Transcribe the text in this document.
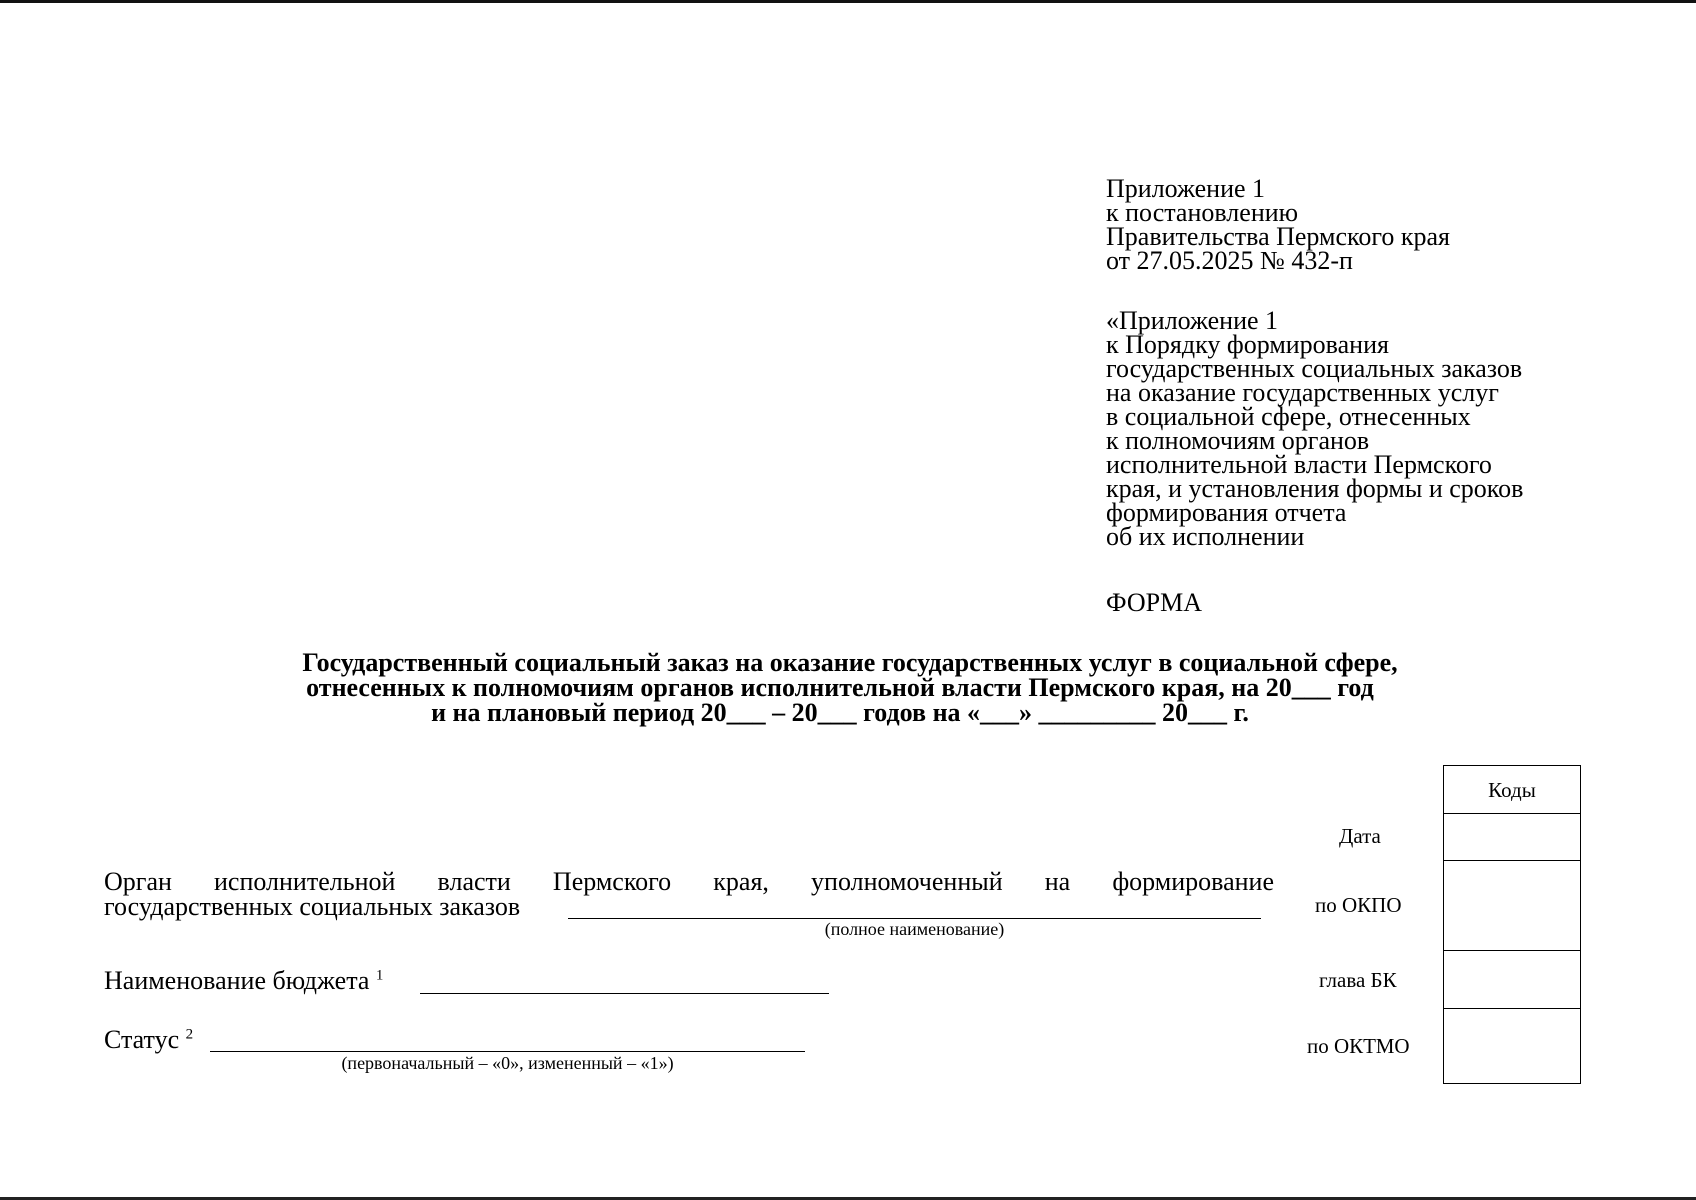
Приложение 1
к постановлению
Правительства Пермского края
от 27.05.2025 № 432-п
«Приложение 1
к Порядку формирования
государственных социальных заказов
на оказание государственных услуг
в социальной сфере, отнесенных
к полномочиям органов
исполнительной власти Пермского
края, и установления формы и сроков
формирования отчета
об их исполнении
ФОРМА
Государственный социальный заказ на оказание государственных услуг в социальной сфере,
отнесенных к полномочиям органов исполнительной власти Пермского края, на 20___ год
и на плановый период 20___ – 20___ годов на «___» _________ 20___ г.
Коды
Дата
по ОКПО
глава БК
по ОКТМО
Орган исполнительной власти Пермского края, уполномоченный на формирование
государственных социальных заказов
(полное наименование)
Наименование бюджета $^1$
Статус $^2$
(первоначальный – «0», измененный – «1»)
